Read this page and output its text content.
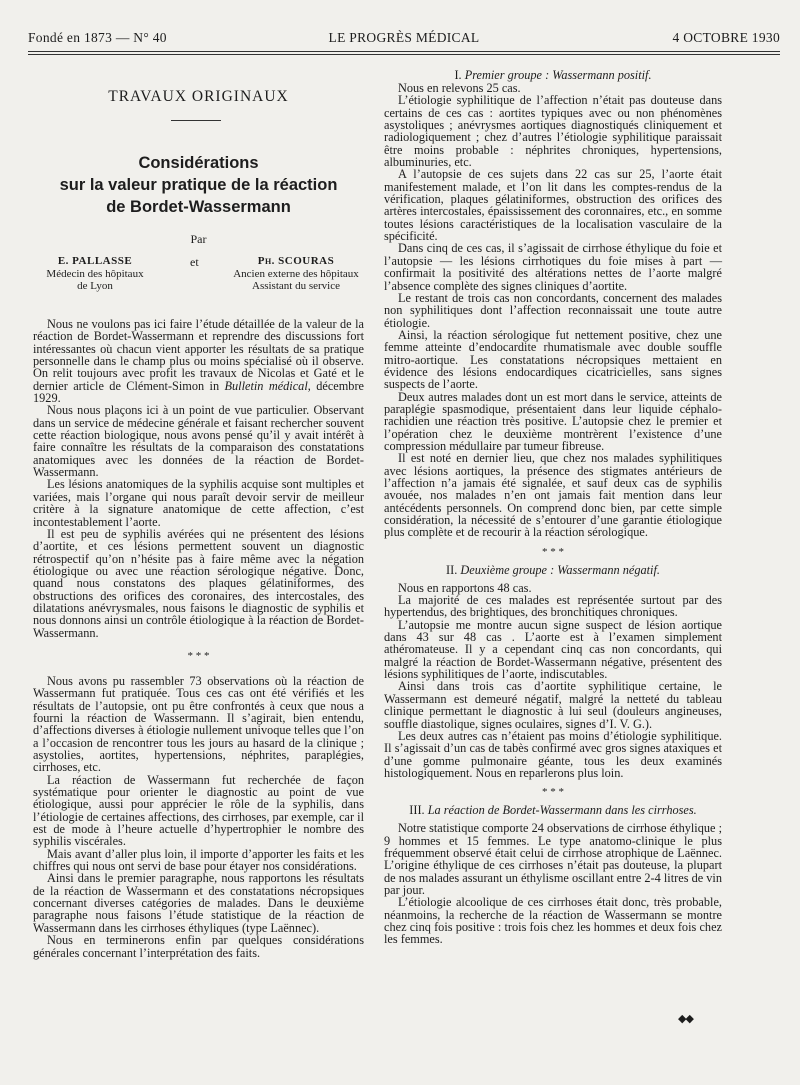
Fondé en 1873 — N° 40	LE PROGRÈS MÉDICAL	4 OCTOBRE 1930
TRAVAUX ORIGINAUX
Considérations
sur la valeur pratique de la réaction
de Bordet-Wassermann
Par
E. PALLASSE
Médecin des hôpitaux
de Lyon
et	Ph. SCOURAS
Ancien externe des hôpitaux
Assistant du service

Nous ne voulons pas ici faire l’étude détaillée de la valeur de la réaction de Bordet-Wassermann et reprendre des discussions fort intéressantes où chacun vient apporter les résultats de sa pratique personnelle dans le champ plus ou moins spécialisé où il observe. On relit toujours avec profit les travaux de Nicolas et Gaté et le dernier article de Clément-Simon in Bulletin médical, décembre 1929.

Nous nous plaçons ici à un point de vue particulier. Observant dans un service de médecine générale et faisant rechercher souvent cette réaction biologique, nous avons pensé qu’il y avait intérêt à faire connaître les résultats de la comparaison des constatations anatomiques avec les données de la réaction de Bordet-Wassermann.

Les lésions anatomiques de la syphilis acquise sont multiples et variées, mais l’organe qui nous paraît devoir servir de meilleur critère à la signature anatomique de cette affection, c’est incontestablement l’aorte.

Il est peu de syphilis avérées qui ne présentent des lésions d’aortite, et ces lésions permettent souvent un diagnostic rétrospectif qu’on n’hésite pas à faire même avec la négation étiologique ou avec une réaction sérologique négative. Donc, quand nous constatons des plaques gélatiniformes, des obstructions des orifices des coronaires, des intercostales, des dilatations anévrysmales, nous faisons le diagnostic de syphilis et nous donnons ainsi un contrôle étiologique à la réaction de Bordet-Wassermann.

* * *

Nous avons pu rassembler 73 observations où la réaction de Wassermann fut pratiquée. Tous ces cas ont été vérifiés et les résultats de l’autopsie, ont pu être confrontés à ceux que nous a fourni la réaction de Wassermann. Il s’agirait, bien entendu, d’affections diverses à étiologie nullement univoque telles que l’on a l’occasion de rencontrer tous les jours au hasard de la clinique ; asystolies, aortites, hypertensions, néphrites, paraplégies, cirrhoses, etc.

La réaction de Wassermann fut recherchée de façon systématique pour orienter le diagnostic au point de vue étiologique, aussi pour apprécier le rôle de la syphilis, dans l’étiologie de certaines affections, des cirrhoses, par exemple, car il est de mode à l’heure actuelle d’hypertrophier le nombre des syphilis viscérales.

Mais avant d’aller plus loin, il importe d’apporter les faits et les chiffres qui nous ont servi de base pour étayer nos considérations.

Ainsi dans le premier paragraphe, nous rapportons les résultats de la réaction de Wassermann et des constatations nécropsiques concernant diverses catégories de malades. Dans le deuxième paragraphe nous faisons l’étude statistique de la réaction de Wassermann dans les cirrhoses éthyliques (type Laënnec).

Nous en terminerons enfin par quelques considérations générales concernant l’interprétation des faits.

I. Premier groupe : Wassermann positif.

Nous en relevons 25 cas.

L’étiologie syphilitique de l’affection n’était pas douteuse dans certains de ces cas : aortites typiques avec ou non phénomènes asystoliques ; anévrysmes aortiques diagnostiqués cliniquement et radiologiquement ; chez d’autres l’étiologie syphilitique paraissait être moins probable : néphrites chroniques, hypertensions, albuminuries, etc.

A l’autopsie de ces sujets dans 22 cas sur 25, l’aorte était manifestement malade, et l’on lit dans les comptes-rendus de la vérification, plaques gélatiniformes, obstruction des orifices des artères intercostales, épaississement des coronnaires, etc., en somme toutes lésions caractéristiques de la localisation vasculaire de la spécificité.

Dans cinq de ces cas, il s’agissait de cirrhose éthylique du foie et l’autopsie — les lésions cirrhotiques du foie mises à part — confirmait la positivité des altérations nettes de l’aorte malgré l’absence complète des signes cliniques d’aortite.

Le restant de trois cas non concordants, concernent des malades non syphilitiques dont l’affection reconnaissait une toute autre étiologie.

Ainsi, la réaction sérologique fut nettement positive, chez une femme atteinte d’endocardite rhumatismale avec double souffle mitro-aortique. Les constatations nécropsiques mettaient en évidence des lésions endocardiques cicatricielles, sans signes suspects de l’aorte.

Deux autres malades dont un est mort dans le service, atteints de paraplégie spasmodique, présentaient dans leur liquide céphalo-rachidien une réaction très positive. L’autopsie chez le premier et l’opération chez le deuxième montrèrent l’existence d’une compression médullaire par tumeur fibreuse.

Il est noté en dernier lieu, que chez nos malades syphilitiques avec lésions aortiques, la présence des stigmates antérieurs de l’affection n’a jamais été signalée, et sauf deux cas de syphilis avouée, nos malades n’en ont jamais fait mention dans leur antécédents personnels. On comprend donc bien, par cette simple considération, la nécessité de s’entourer d’une garantie étiologique plus complète et de recourir à la réaction sérologique.

* * *
II. Deuxième groupe : Wassermann négatif.

Nous en rapportons 48 cas.

La majorité de ces malades est représentée surtout par des hypertendus, des brightiques, des bronchitiques chroniques.

L’autopsie me montre aucun signe suspect de lésion aortique dans 43 sur 48 cas . L’aorte est à l’examen simplement athéromateuse. Il y a cependant cinq cas non concordants, qui malgré la réaction de Bordet-Wassermann négative, présentent des lésions syphilitiques de l’aorte, indiscutables.

Ainsi dans trois cas d’aortite syphilitique certaine, le Wassermann est demeuré négatif, malgré la netteté du tableau clinique permettant le diagnostic à lui seul (douleurs angineuses, souffle diastolique, signes oculaires, signes d’I. V. G.).

Les deux autres cas n’étaient pas moins d’étiologie syphilitique. Il s’agissait d’un cas de tabès confirmé avec gros signes ataxiques et d’une gomme pulmonaire géante, tous les deux examinés histologiquement. Nous en reparlerons plus loin.

* * *
III. La réaction de Bordet-Wassermann dans les cirrhoses.

Notre statistique comporte 24 observations de cirrhose éthylique ; 9 hommes et 15 femmes. Le type anatomo-clinique le plus fréquemment observé était celui de cirrhose atrophique de Laënnec. L’origine éthylique de ces cirrhoses n’était pas douteuse, la plupart de nos malades assurant un éthylisme oscillant entre 2-4 litres de vin par jour.

L’étiologie alcoolique de ces cirrhoses était donc, très probable, néanmoins, la recherche de la réaction de Wassermann se montre chez cinq fois positive : trois fois chez les hommes et deux fois chez les femmes.

◆◆
